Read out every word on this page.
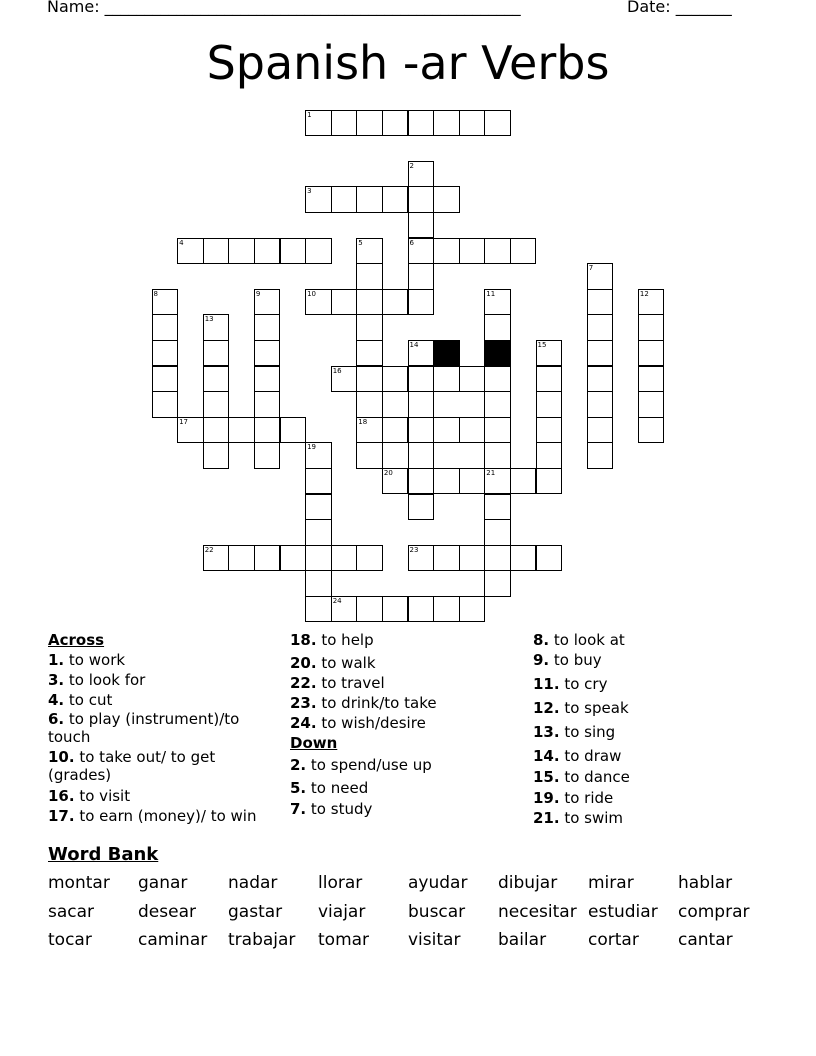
Name: ____________________________________________________	Date: _______
Spanish -ar Verbs
1
3
4	6
10
16
17	18
20	21
22	23
24
2
5
7
8	9	11	12
13
14	15
19
Across
1. to work
3. to look for
4. to cut
6. to play (instrument)/to touch
10. to take out/ to get (grades)
16. to visit
17. to earn (money)/ to win
18. to help
20. to walk
22. to travel
23. to drink/to take
24. to wish/desire
Down
2. to spend/use up
5. to need
7. to study
8. to look at
9. to buy
11. to cry
12. to speak
13. to sing
14. to draw
15. to dance
19. to ride
21. to swim
Word Bank
montar ganar nadar llorar	ayudar dibujar mirar	hablar
sacar	desear gastar viajar	buscar necesitar estudiar comprar
tocar	caminar trabajar tomar visitar bailar cortar cantar
